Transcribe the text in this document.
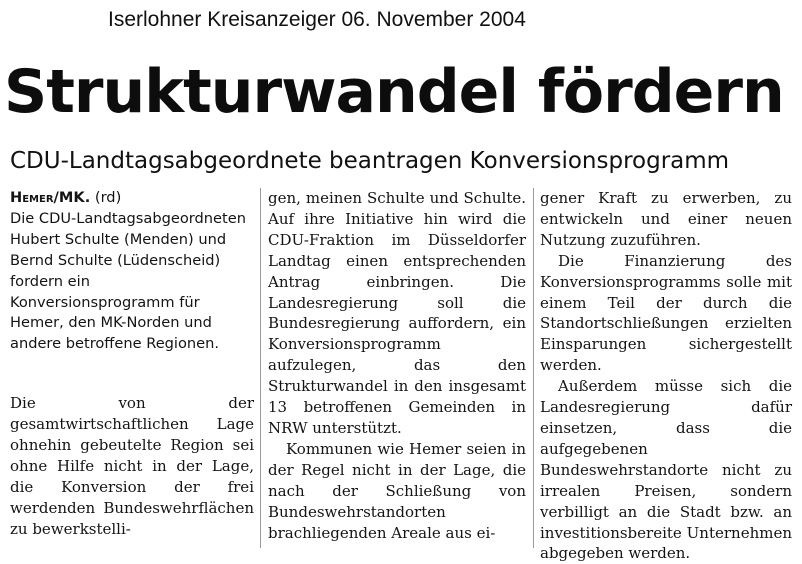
Iserlohner Kreisanzeiger 06. November 2004
Strukturwandel fördern
CDU-Landtagsabgeordnete beantragen Konversionsprogramm

Hemer/MK. (rd)
Die CDU-Landtagsabgeordneten Hubert Schulte (Menden) und Bernd Schulte (Lüdenscheid) fordern ein Konversionsprogramm für Hemer, den MK-Norden und andere betroffene Regionen.

Die von der gesamtwirtschaftlichen Lage ohnehin gebeutelte Region sei ohne Hilfe nicht in der Lage, die Konversion der frei werdenden Bundeswehrflächen zu bewerkstelli-

gen, meinen Schulte und Schulte. Auf ihre Initiative hin wird die CDU-Fraktion im Düsseldorfer Landtag einen entsprechenden Antrag einbringen. Die Landesregierung soll die Bundesregierung auffordern, ein Konversionsprogramm aufzulegen, das den Strukturwandel in den insgesamt 13 betroffenen Gemeinden in NRW unterstützt.

Kommunen wie Hemer seien in der Regel nicht in der Lage, die nach der Schließung von Bundeswehrstandorten brachliegenden Areale aus ei-

gener Kraft zu erwerben, zu entwickeln und einer neuen Nutzung zuzuführen.

Die Finanzierung des Konversionsprogramms solle mit einem Teil der durch die Standortschließungen erzielten Einsparungen sichergestellt werden.

Außerdem müsse sich die Landesregierung dafür einsetzen, dass die aufgegebenen Bundeswehrstandorte nicht zu irrealen Preisen, sondern verbilligt an die Stadt bzw. an investitionsbereite Unternehmen abgegeben werden.
